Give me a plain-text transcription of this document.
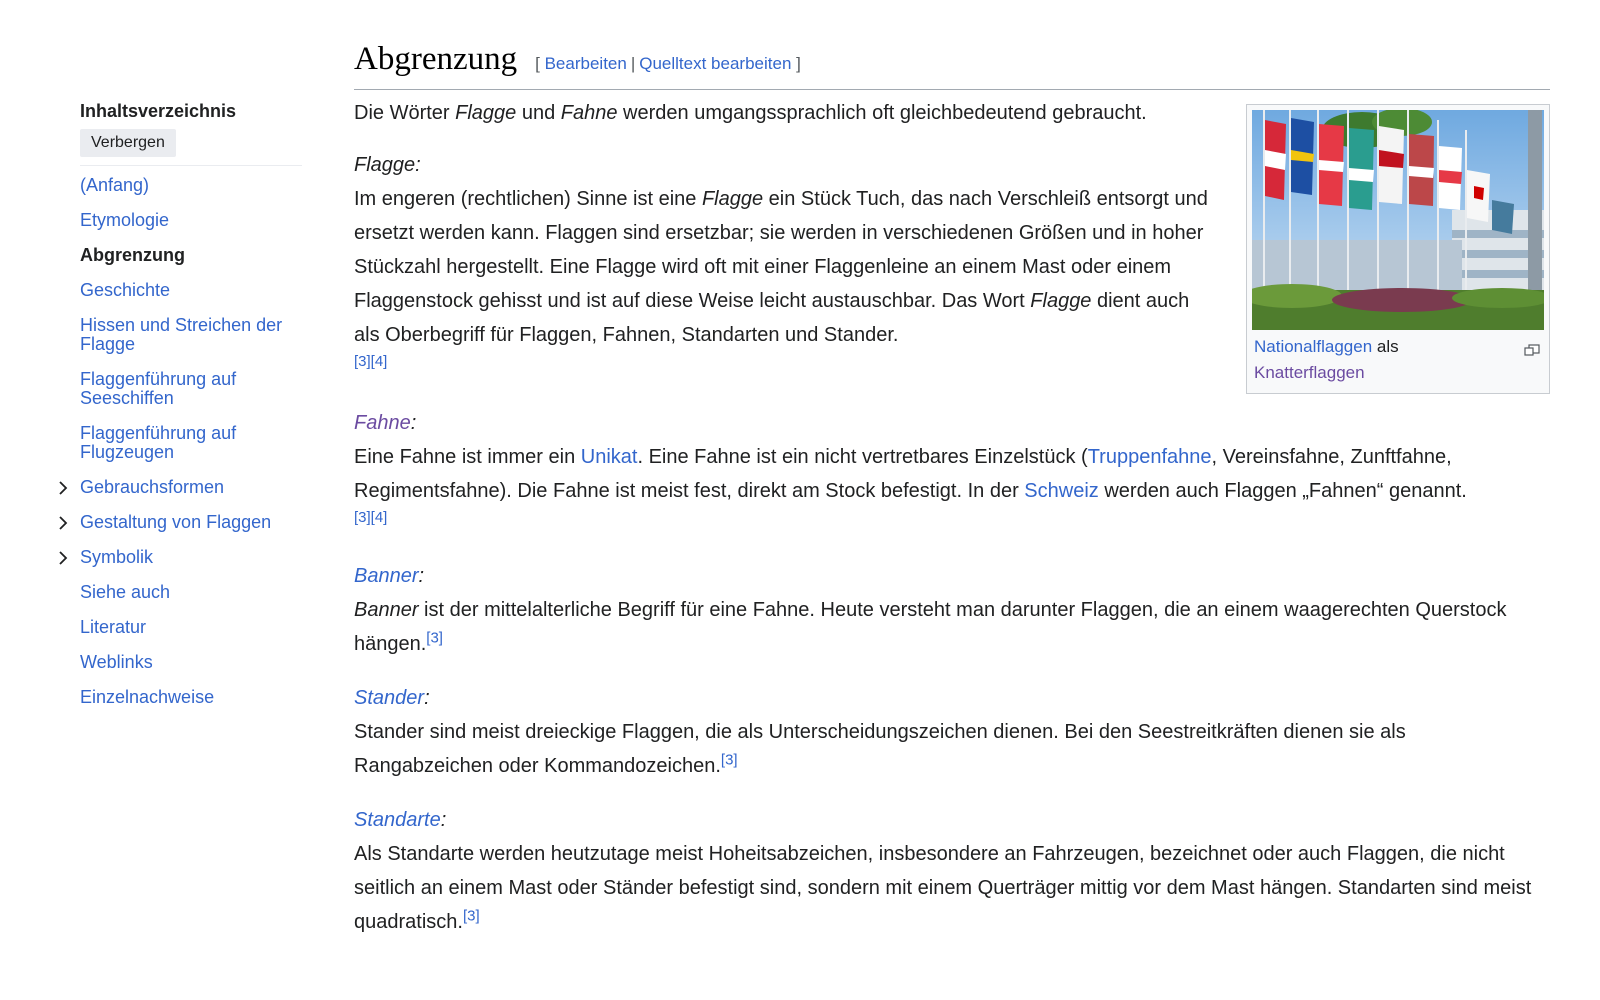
Inhaltsverzeichnis
Verbergen
(Anfang)
Etymologie
Abgrenzung
Geschichte
Hissen und Streichen der Flagge
Flaggenführung auf Seeschiffen
Flaggenführung auf Flugzeugen
Gebrauchsformen
Gestaltung von Flaggen
Symbolik
Siehe auch
Literatur
Weblinks
Einzelnachweise
Abgrenzung [ Bearbeiten | Quelltext bearbeiten ]
Nationalflaggen als
Knatterflaggen

Die Wörter Flagge und Fahne werden umgangssprachlich oft gleichbedeutend gebraucht.

Flagge:

Im engeren (rechtlichen) Sinne ist eine Flagge ein Stück Tuch, das nach Verschleiß entsorgt und ersetzt werden kann. Flaggen sind ersetzbar; sie werden in verschiedenen Größen und in hoher Stückzahl hergestellt. Eine Flagge wird oft mit einer Flaggenleine an einem Mast oder einem Flaggenstock gehisst und ist auf diese Weise leicht austauschbar. Das Wort Flagge dient auch als Oberbegriff für Flaggen, Fahnen, Standarten und Stander.

[3][4]
Fahne:

Eine Fahne ist immer ein Unikat. Eine Fahne ist ein nicht vertretbares Einzelstück (Truppenfahne, Vereinsfahne, Zunftfahne, Regimentsfahne). Die Fahne ist meist fest, direkt am Stock befestigt. In der Schweiz werden auch Flaggen „Fahnen“ genannt.

[3][4]
Banner:

Banner ist der mittelalterliche Begriff für eine Fahne. Heute versteht man darunter Flaggen, die an einem waagerechten Querstock hängen.[3]

Stander:

Stander sind meist dreieckige Flaggen, die als Unterscheidungszeichen dienen. Bei den Seestreitkräften dienen sie als Rangabzeichen oder Kommandozeichen.[3]

Standarte:

Als Standarte werden heutzutage meist Hoheitsabzeichen, insbesondere an Fahrzeugen, bezeichnet oder auch Flaggen, die nicht seitlich an einem Mast oder Ständer befestigt sind, sondern mit einem Querträger mittig vor dem Mast hängen. Standarten sind meist quadratisch.[3]
